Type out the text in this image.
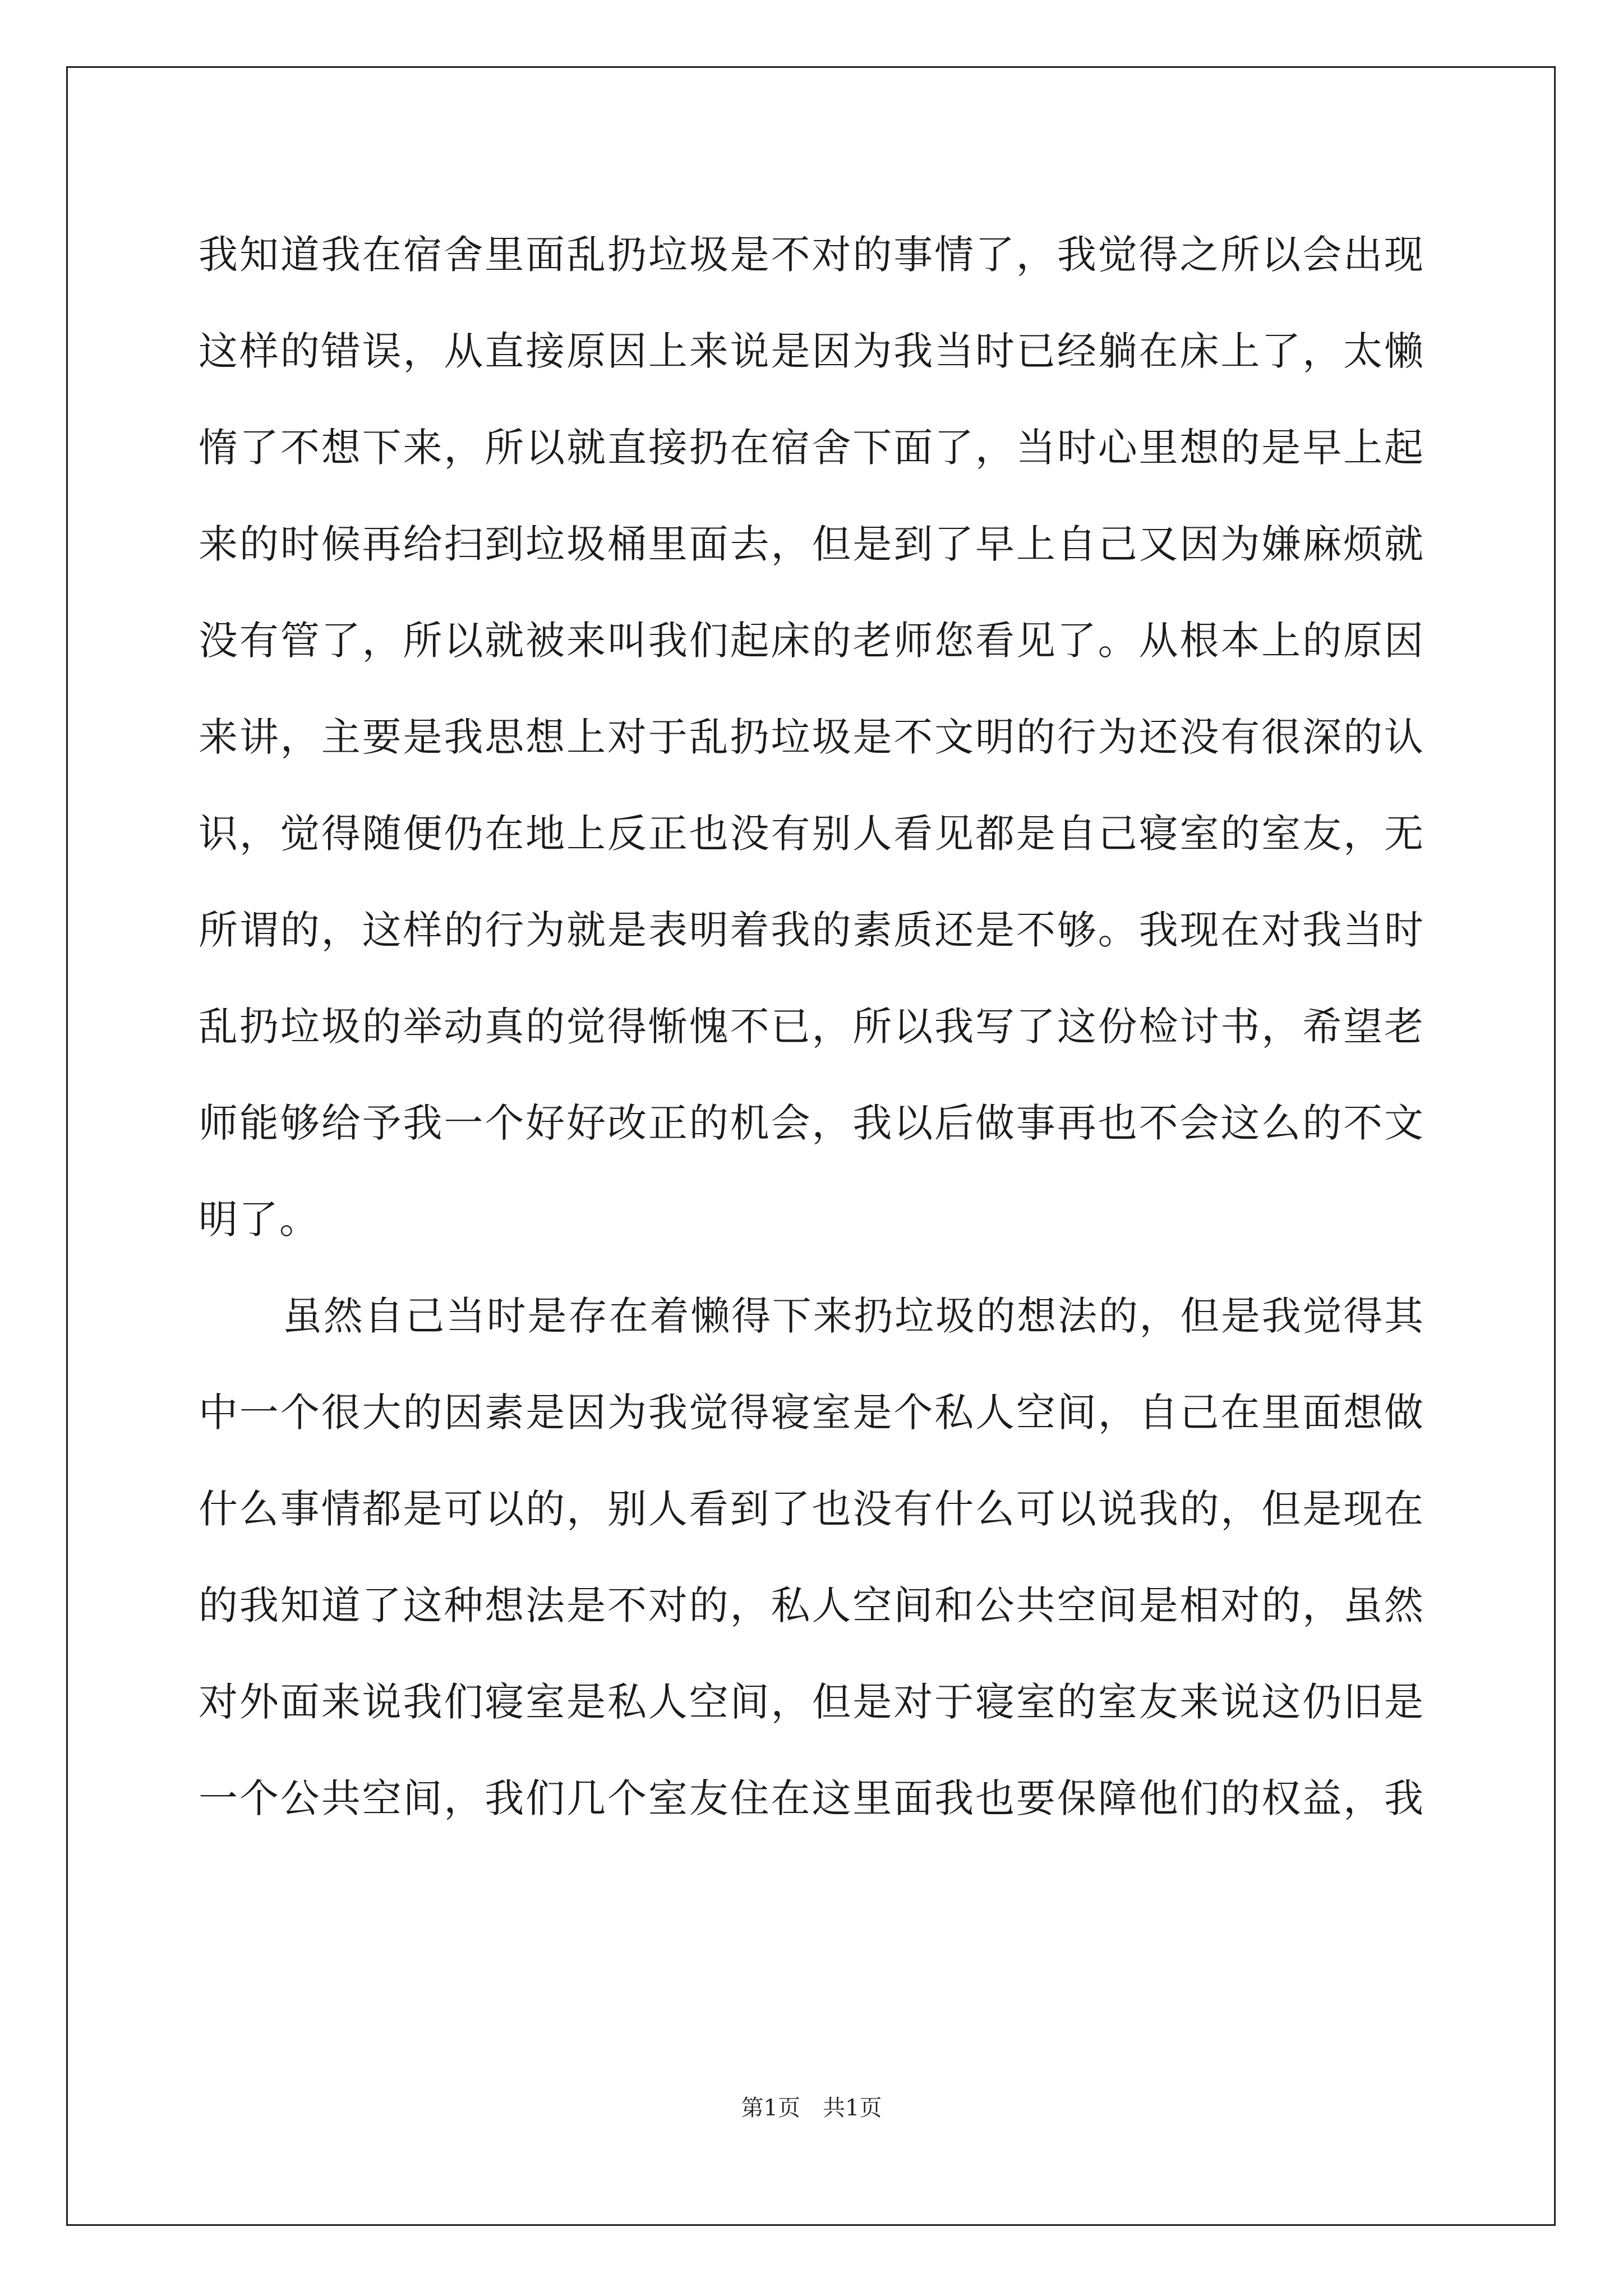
我知道我在宿舍里面乱扔垃圾是不对的事情了，我觉得之所以会出现
这样的错误，从直接原因上来说是因为我当时已经躺在床上了，太懒
惰了不想下来，所以就直接扔在宿舍下面了，当时心里想的是早上起
来的时候再给扫到垃圾桶里面去，但是到了早上自己又因为嫌麻烦就
没有管了，所以就被来叫我们起床的老师您看见了。从根本上的原因
来讲，主要是我思想上对于乱扔垃圾是不文明的行为还没有很深的认
识，觉得随便仍在地上反正也没有别人看见都是自己寝室的室友，无
所谓的，这样的行为就是表明着我的素质还是不够。我现在对我当时
乱扔垃圾的举动真的觉得惭愧不已，所以我写了这份检讨书，希望老
师能够给予我一个好好改正的机会，我以后做事再也不会这么的不文
明了。
虽然自己当时是存在着懒得下来扔垃圾的想法的，但是我觉得其
中一个很大的因素是因为我觉得寝室是个私人空间，自己在里面想做
什么事情都是可以的，别人看到了也没有什么可以说我的，但是现在
的我知道了这种想法是不对的，私人空间和公共空间是相对的，虽然
对外面来说我们寝室是私人空间，但是对于寝室的室友来说这仍旧是
一个公共空间，我们几个室友住在这里面我也要保障他们的权益，我
第1页　共1页
